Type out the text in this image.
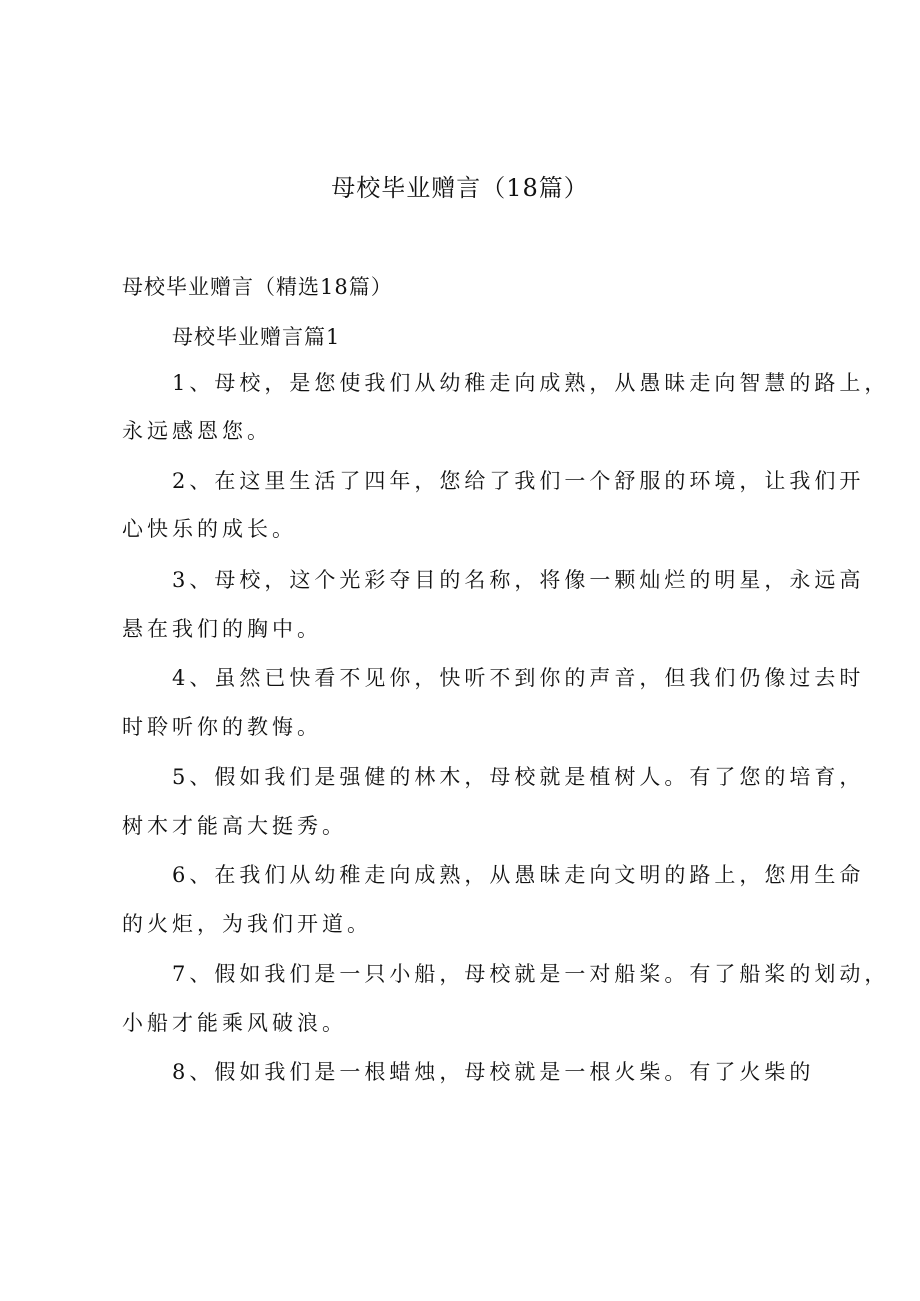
母校毕业赠言（18篇）

母校毕业赠言（精选18篇）

母校毕业赠言篇1

1、母校，是您使我们从幼稚走向成熟，从愚昧走向智慧的路上，

永远感恩您。

2、在这里生活了四年，您给了我们一个舒服的环境，让我们开

心快乐的成长。

3、母校，这个光彩夺目的名称，将像一颗灿烂的明星，永远高

悬在我们的胸中。

4、虽然已快看不见你，快听不到你的声音，但我们仍像过去时

时聆听你的教悔。

5、假如我们是强健的林木，母校就是植树人。有了您的培育，

树木才能高大挺秀。

6、在我们从幼稚走向成熟，从愚昧走向文明的路上，您用生命

的火炬，为我们开道。

7、假如我们是一只小船，母校就是一对船桨。有了船桨的划动，

小船才能乘风破浪。

8、假如我们是一根蜡烛，母校就是一根火柴。有了火柴的
